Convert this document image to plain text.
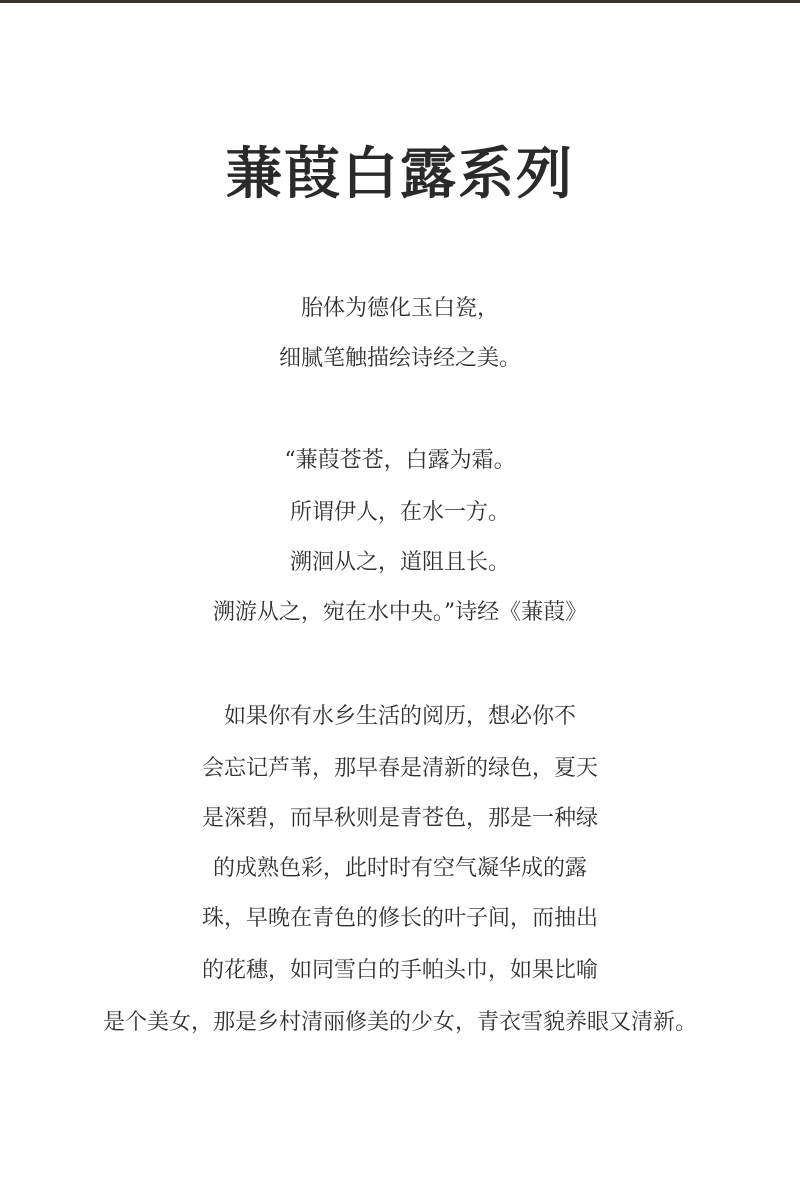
蒹葭白露系列
胎体为德化玉白瓷，
细腻笔触描绘诗经之美。
“蒹葭苍苍，白露为霜。
所谓伊人，在水一方。
溯洄从之，道阻且长。
溯游从之，宛在水中央。”诗经《蒹葭》
如果你有水乡生活的阅历，想必你不
会忘记芦苇，那早春是清新的绿色，夏天
是深碧，而早秋则是青苍色，那是一种绿
的成熟色彩，此时时有空气凝华成的露
珠，早晚在青色的修长的叶子间，而抽出
的花穗，如同雪白的手帕头巾，如果比喻
是个美女，那是乡村清丽修美的少女，青衣雪貌养眼又清新。
